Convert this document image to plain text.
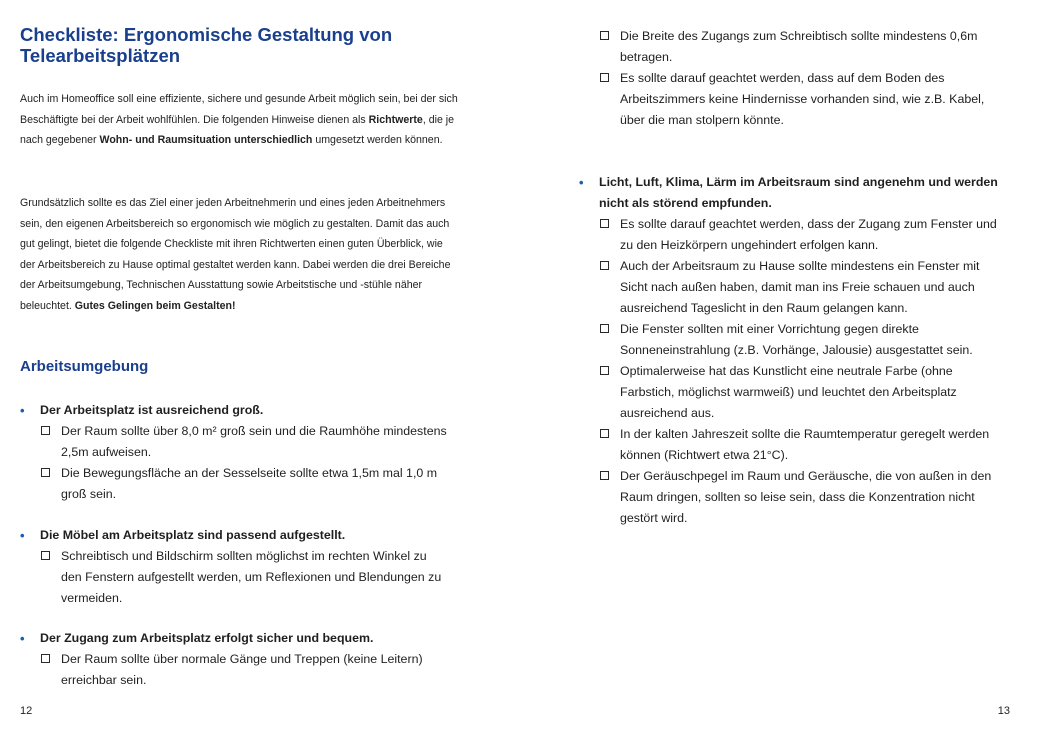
Checkliste: Ergonomische Gestaltung von Telearbeitsplätzen

Auch im Homeoffice soll eine effiziente, sichere und gesunde Arbeit möglich sein, bei der sich Beschäftigte bei der Arbeit wohlfühlen. Die folgenden Hinweise dienen als Richtwerte, die je nach gegebener Wohn- und Raumsituation unterschiedlich umgesetzt werden können.

Grundsätzlich sollte es das Ziel einer jeden Arbeitnehmerin und eines jeden Arbeitnehmers sein, den eigenen Arbeitsbereich so ergonomisch wie möglich zu gestalten. Damit das auch gut gelingt, bietet die folgende Checkliste mit ihren Richtwerten einen guten Überblick, wie der Arbeitsbereich zu Hause optimal gestaltet werden kann. Dabei werden die drei Bereiche der Arbeitsumgebung, Technischen Ausstattung sowie Arbeitstische und -stühle näher beleuchtet. Gutes Gelingen beim Gestalten!

Arbeitsumgebung
• Der Arbeitsplatz ist ausreichend groß.
Der Raum sollte über 8,0 m² groß sein und die Raumhöhe mindestens 2,5m aufweisen.
Die Bewegungsfläche an der Sesselseite sollte etwa 1,5m mal 1,0 m groß sein.
• Die Möbel am Arbeitsplatz sind passend aufgestellt.
Schreibtisch und Bildschirm sollten möglichst im rechten Winkel zu den Fenstern aufgestellt werden, um Reflexionen und Blendungen zu vermeiden.
• Der Zugang zum Arbeitsplatz erfolgt sicher und bequem.
Der Raum sollte über normale Gänge und Treppen (keine Leitern) erreichbar sein.
12
Die Breite des Zugangs zum Schreibtisch sollte mindestens 0,6m betragen.
Es sollte darauf geachtet werden, dass auf dem Boden des Arbeitszimmers keine Hindernisse vorhanden sind, wie z.B. Kabel, über die man stolpern könnte.
• Licht, Luft, Klima, Lärm im Arbeitsraum sind angenehm und werden nicht als störend empfunden.
Es sollte darauf geachtet werden, dass der Zugang zum Fenster und zu den Heizkörpern ungehindert erfolgen kann.
Auch der Arbeitsraum zu Hause sollte mindestens ein Fenster mit Sicht nach außen haben, damit man ins Freie schauen und auch ausreichend Tageslicht in den Raum gelangen kann.
Die Fenster sollten mit einer Vorrichtung gegen direkte Sonneneinstrahlung (z.B. Vorhänge, Jalousie) ausgestattet sein.
Optimalerweise hat das Kunstlicht eine neutrale Farbe (ohne Farbstich, möglichst warmweiß) und leuchtet den Arbeitsplatz ausreichend aus.
In der kalten Jahreszeit sollte die Raumtemperatur geregelt werden können (Richtwert etwa 21°C).
Der Geräuschpegel im Raum und Geräusche, die von außen in den Raum dringen, sollten so leise sein, dass die Konzentration nicht gestört wird.
13
